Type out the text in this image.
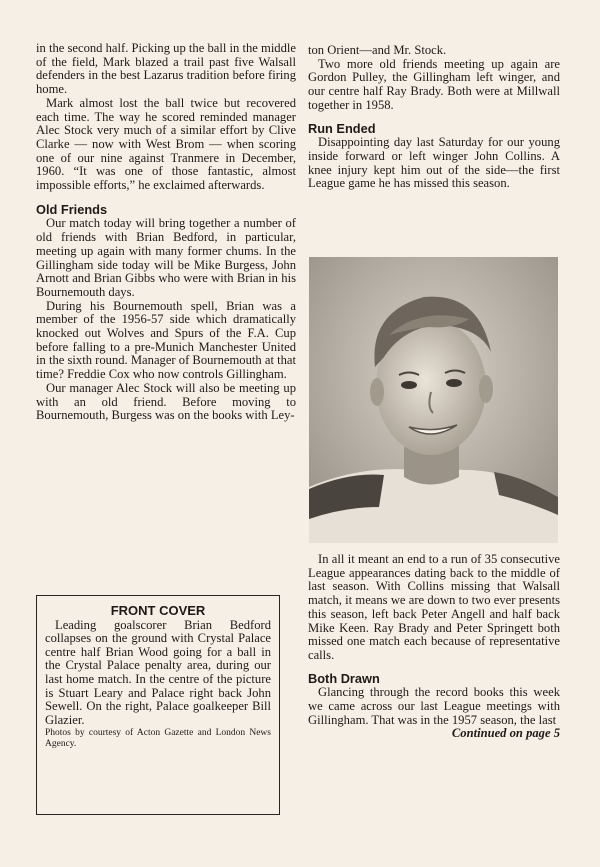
in the second half. Picking up the ball in the middle of the field, Mark blazed a trail past five Walsall defenders in the best Lazarus tradition before firing home.

Mark almost lost the ball twice but recovered each time. The way he scored reminded manager Alec Stock very much of a similar effort by Clive Clarke — now with West Brom — when scoring one of our nine against Tranmere in December, 1960. “It was one of those fantastic, almost impossible efforts,” he exclaimed afterwards.

Old Friends

Our match today will bring together a number of old friends with Brian Bedford, in particular, meeting up again with many former chums. In the Gillingham side today will be Mike Burgess, John Arnott and Brian Gibbs who were with Brian in his Bournemouth days.

During his Bournemouth spell, Brian was a member of the 1956-57 side which dramatically knocked out Wolves and Spurs of the F.A. Cup before falling to a pre-Munich Manchester United in the sixth round. Manager of Bournemouth at that time? Freddie Cox who now controls Gillingham.

Our manager Alec Stock will also be meeting up with an old friend. Before moving to Bournemouth, Burgess was on the books with Ley-

ton Orient—and Mr. Stock.

Two more old friends meeting up again are Gordon Pulley, the Gillingham left winger, and our centre half Ray Brady. Both were at Millwall together in 1958.

Run Ended

Disappointing day last Saturday for our young inside forward or left winger John Collins. A knee injury kept him out of the side—the first League game he has missed this season.

In all it meant an end to a run of 35 consecutive League appearances dating back to the middle of last season. With Collins missing that Walsall match, it means we are down to two ever presents this season, left back Peter Angell and half back Mike Keen. Ray Brady and Peter Springett both missed one match each because of representative calls.

Both Drawn

Glancing through the record books this week we came across our last League meetings with Gillingham. That was in the 1957 season, the last

Continued on page 5

FRONT COVER

Leading goalscorer Brian Bedford collapses on the ground with Crystal Palace centre half Brian Wood going for a ball in the Crystal Palace penalty area, during our last home match. In the centre of the picture is Stuart Leary and Palace right back John Sewell. On the right, Palace goalkeeper Bill Glazier.

Photos by courtesy of Acton Gazette and London News Agency.
